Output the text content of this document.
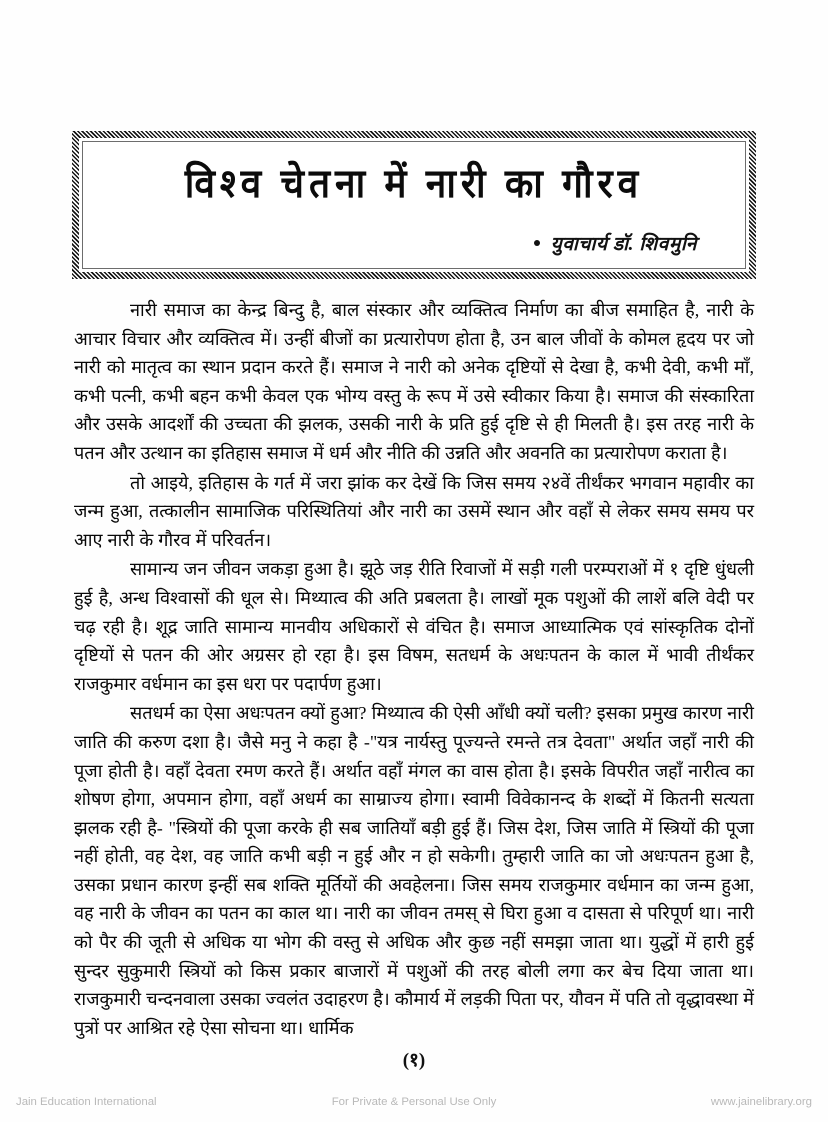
विश्व चेतना में नारी का गौरव
युवाचार्य डॉ. शिवमुनि

नारी समाज का केन्द्र बिन्दु है, बाल संस्कार और व्यक्तित्व निर्माण का बीज समाहित है, नारी के आचार विचार और व्यक्तित्व में। उन्हीं बीजों का प्रत्यारोपण होता है, उन बाल जीवों के कोमल हृदय पर जो नारी को मातृत्व का स्थान प्रदान करते हैं। समाज ने नारी को अनेक दृष्टियों से देखा है, कभी देवी, कभी माँ, कभी पत्नी, कभी बहन कभी केवल एक भोग्य वस्तु के रूप में उसे स्वीकार किया है। समाज की संस्कारिता और उसके आदर्शों की उच्चता की झलक, उसकी नारी के प्रति हुई दृष्टि से ही मिलती है। इस तरह नारी के पतन और उत्थान का इतिहास समाज में धर्म और नीति की उन्नति और अवनति का प्रत्यारोपण कराता है।

तो आइये, इतिहास के गर्त में जरा झांक कर देखें कि जिस समय २४वें तीर्थंकर भगवान महावीर का जन्म हुआ, तत्कालीन सामाजिक परिस्थितियां और नारी का उसमें स्थान और वहाँ से लेकर समय समय पर आए नारी के गौरव में परिवर्तन।

सामान्य जन जीवन जकड़ा हुआ है। झूठे जड़ रीति रिवाजों में सड़ी गली परम्पराओं में १ दृष्टि धुंधली हुई है, अन्ध विश्वासों की धूल से। मिथ्यात्व की अति प्रबलता है। लाखों मूक पशुओं की लाशें बलि वेदी पर चढ़ रही है। शूद्र जाति सामान्य मानवीय अधिकारों से वंचित है। समाज आध्यात्मिक एवं सांस्कृतिक दोनों दृष्टियों से पतन की ओर अग्रसर हो रहा है। इस विषम, सतधर्म के अधःपतन के काल में भावी तीर्थंकर राजकुमार वर्धमान का इस धरा पर पदार्पण हुआ।

सतधर्म का ऐसा अधःपतन क्यों हुआ? मिथ्यात्व की ऐसी आँधी क्यों चली? इसका प्रमुख कारण नारी जाति की करुण दशा है। जैसे मनु ने कहा है -"यत्र नार्यस्तु पूज्यन्ते रमन्ते तत्र देवता" अर्थात जहाँ नारी की पूजा होती है। वहाँ देवता रमण करते हैं। अर्थात वहाँ मंगल का वास होता है। इसके विपरीत जहाँ नारीत्व का शोषण होगा, अपमान होगा, वहाँ अधर्म का साम्राज्य होगा। स्वामी विवेकानन्द के शब्दों में कितनी सत्यता झलक रही है- "स्त्रियों की पूजा करके ही सब जातियाँ बड़ी हुई हैं। जिस देश, जिस जाति में स्त्रियों की पूजा नहीं होती, वह देश, वह जाति कभी बड़ी न हुई और न हो सकेगी। तुम्हारी जाति का जो अधःपतन हुआ है, उसका प्रधान कारण इन्हीं सब शक्ति मूर्तियों की अवहेलना। जिस समय राजकुमार वर्धमान का जन्म हुआ, वह नारी के जीवन का पतन का काल था। नारी का जीवन तमस् से घिरा हुआ व दासता से परिपूर्ण था। नारी को पैर की जूती से अधिक या भोग की वस्तु से अधिक और कुछ नहीं समझा जाता था। युद्धों में हारी हुई सुन्दर सुकुमारी स्त्रियों को किस प्रकार बाजारों में पशुओं की तरह बोली लगा कर बेच दिया जाता था। राजकुमारी चन्दनवाला उसका ज्वलंत उदाहरण है। कौमार्य में लड़की पिता पर, यौवन में पति तो वृद्धावस्था में पुत्रों पर आश्रित रहे ऐसा सोचना था। धार्मिक

(१)
Jain Education International	For Private & Personal Use Only	www.jainelibrary.org
